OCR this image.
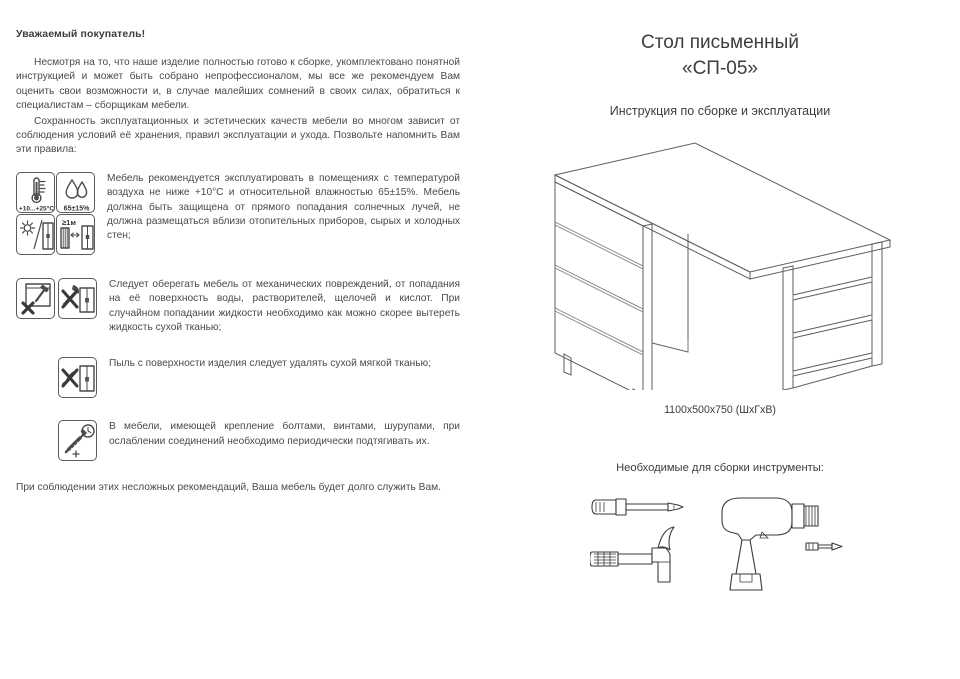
Уважаемый покупатель!

Несмотря на то, что наше изделие полностью готово к сборке, укомплектовано понятной инструкцией и может быть собрано непрофессионалом, мы все же рекомендуем Вам оценить свои возможности и, в случае малейших сомнений в своих силах, обратиться к специалистам – сборщикам мебели.

Сохранность эксплуатационных и эстетических качеств мебели во многом зависит от соблюдения условий её хранения, правил эксплуатации и ухода. Позвольте напомнить Вам эти правила:

+10...+25°C 65±15%
≥1м
Мебель рекомендуется эксплуатировать в помещениях с температурой воздуха не ниже +10°С и относительной влажностью 65±15%. Мебель должна быть защищена от прямого попадания солнечных лучей, не должна размещаться вблизи отопительных приборов, сырых и холодных стен;
Следует оберегать мебель от механических повреждений, от попадания на её поверхность воды, растворителей, щелочей и кислот. При случайном попадании жидкости необходимо как можно скорее вытереть жидкость сухой тканью;
Пыль с поверхности изделия следует удалять сухой мягкой тканью;
В мебели, имеющей крепление болтами, винтами, шурупами, при ослаблении соединений необходимо периодически подтягивать их.
При соблюдении этих несложных рекомендаций, Ваша мебель будет долго служить Вам.
Стол письменный
«СП-05»
Инструкция по сборке и эксплуатации
1100x500x750 (ШхГхВ)
Необходимые для сборки инструменты:
